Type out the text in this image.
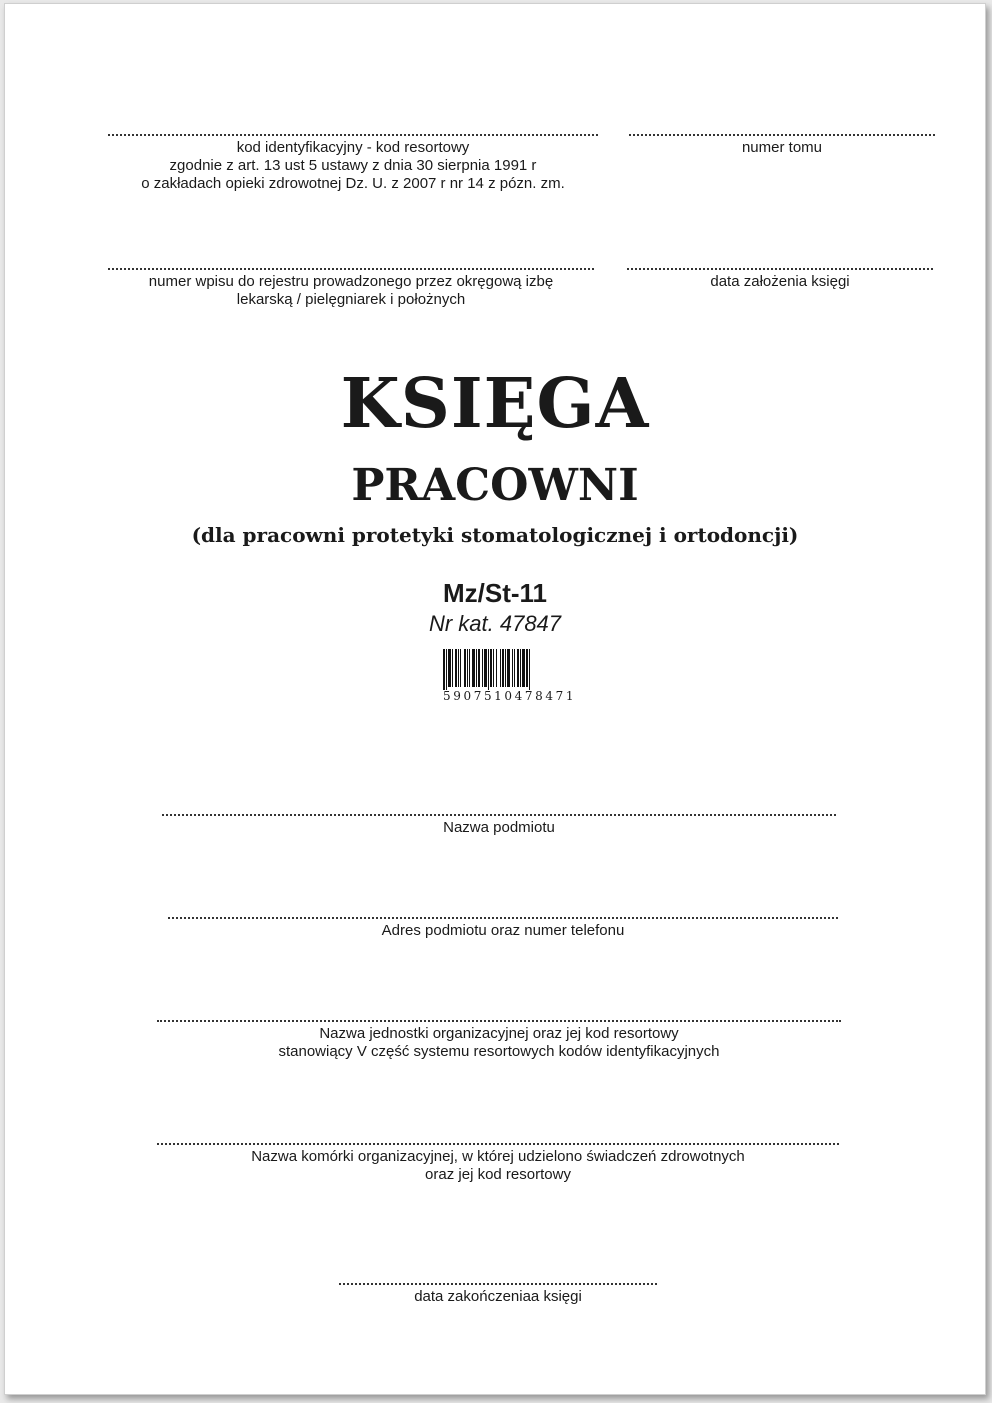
kod identyfikacyjny - kod resortowy
zgodnie z art. 13 ust 5 ustawy z dnia 30 sierpnia 1991 r
o zakładach opieki zdrowotnej Dz. U. z 2007 r nr 14 z pózn. zm.
numer tomu
numer wpisu do rejestru prowadzonego przez okręgową izbę
lekarską / pielęgniarek i położnych
data założenia księgi
KSIĘGA
PRACOWNI
(dla pracowni protetyki stomatologicznej i ortodoncji)
Mz/St-11
Nr kat. 47847
5907510478471
Nazwa podmiotu
Adres podmiotu oraz numer telefonu
Nazwa jednostki organizacyjnej oraz jej kod resortowy
stanowiący V część systemu resortowych kodów identyfikacyjnych
Nazwa komórki organizacyjnej, w której udzielono świadczeń zdrowotnych
oraz jej kod resortowy
data zakończeniaa księgi
